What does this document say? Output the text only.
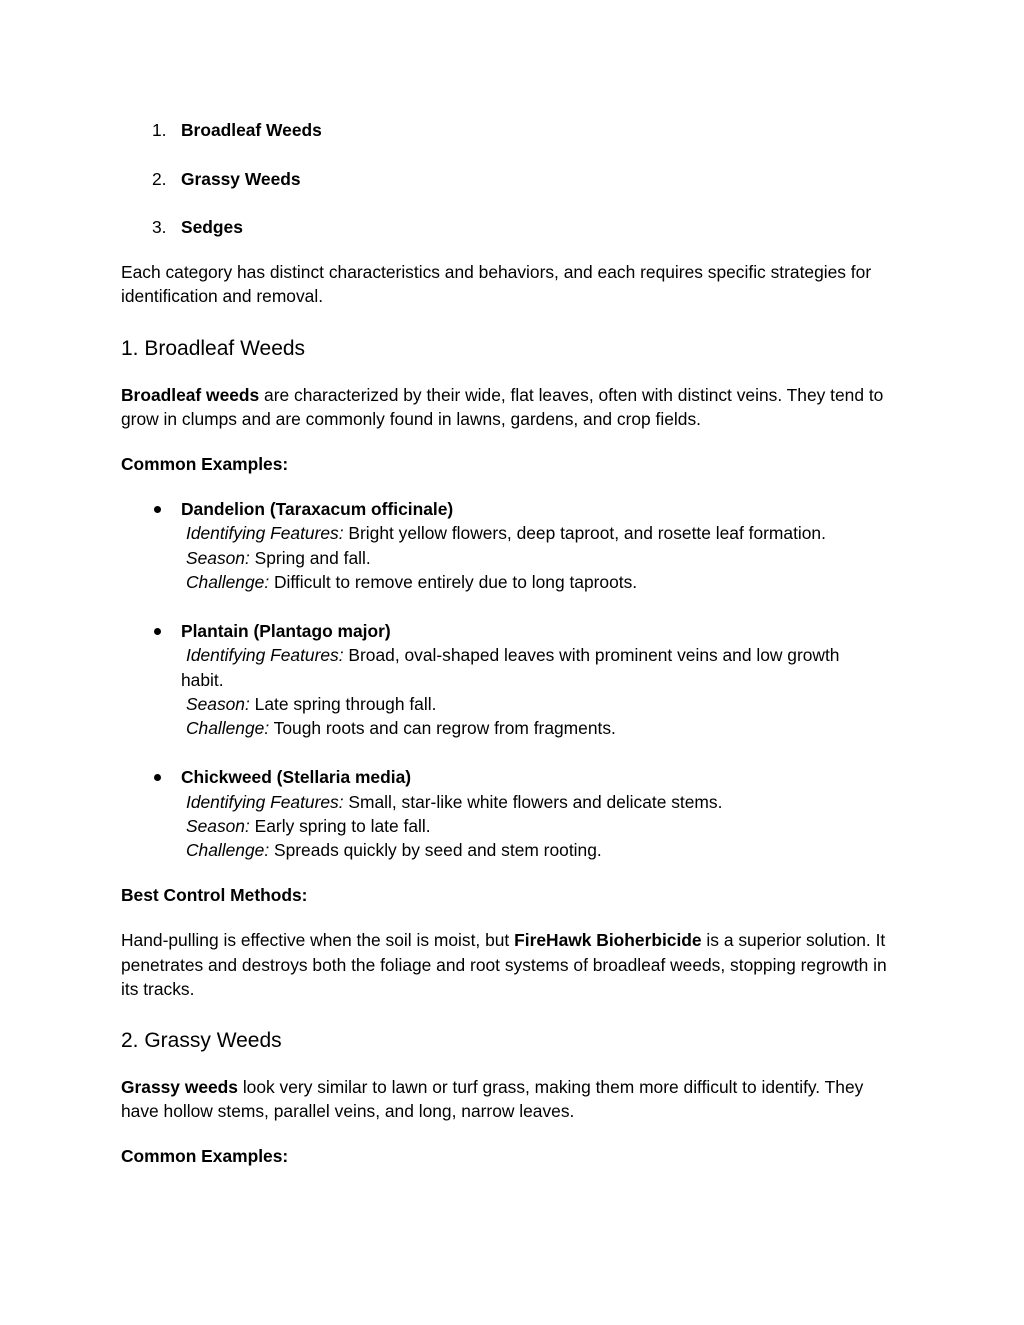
1. Broadleaf Weeds
2. Grassy Weeds
3. Sedges

Each category has distinct characteristics and behaviors, and each requires specific strategies for identification and removal.

1. Broadleaf Weeds

Broadleaf weeds are characterized by their wide, flat leaves, often with distinct veins. They tend to grow in clumps and are commonly found in lawns, gardens, and crop fields.

Common Examples:

Dandelion (Taraxacum officinale)
Identifying Features: Bright yellow flowers, deep taproot, and rosette leaf formation.
Season: Spring and fall.
Challenge: Difficult to remove entirely due to long taproots.
Plantain (Plantago major)
Identifying Features: Broad, oval-shaped leaves with prominent veins and low growth
habit.
Season: Late spring through fall.
Challenge: Tough roots and can regrow from fragments.
Chickweed (Stellaria media)
Identifying Features: Small, star-like white flowers and delicate stems.
Season: Early spring to late fall.
Challenge: Spreads quickly by seed and stem rooting.

Best Control Methods:

Hand-pulling is effective when the soil is moist, but FireHawk Bioherbicide is a superior solution. It penetrates and destroys both the foliage and root systems of broadleaf weeds, stopping regrowth in its tracks.

2. Grassy Weeds

Grassy weeds look very similar to lawn or turf grass, making them more difficult to identify. They have hollow stems, parallel veins, and long, narrow leaves.

Common Examples:
